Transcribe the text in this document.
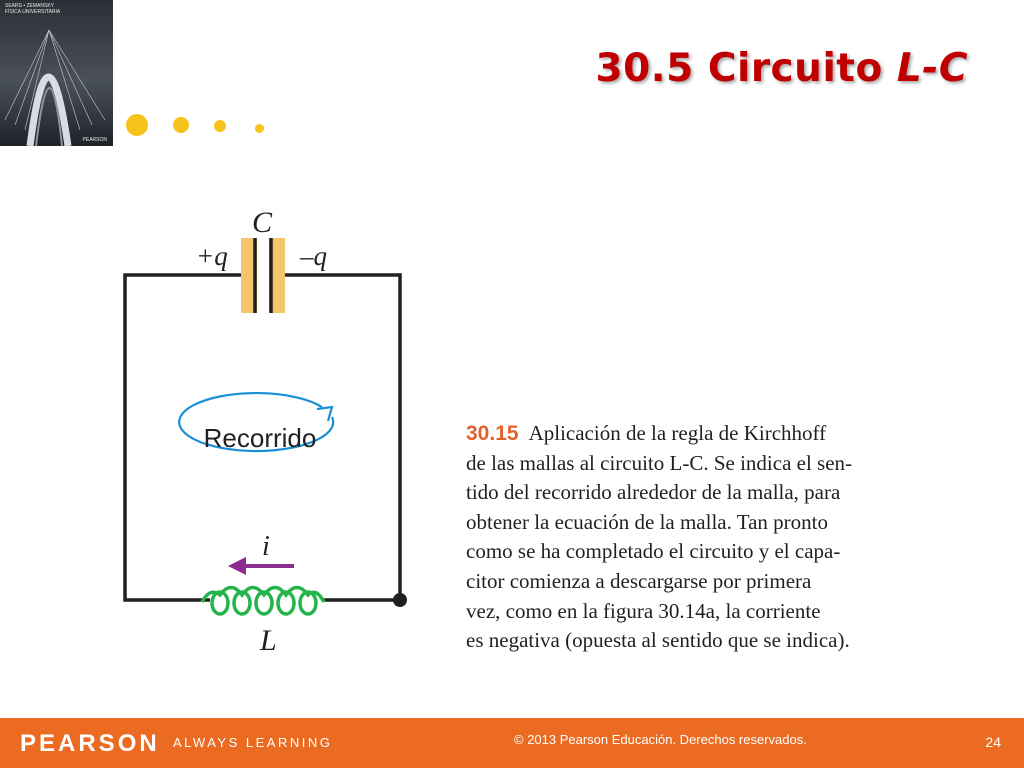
SEARS • ZEMANSKY FÍSICA UNIVERSITARIA
PEARSON
30.5 Circuito L-C
C
+q	–q
Recorrido
i
L
30.15 Aplicación de la regla de Kirchhoff
de las mallas al circuito L-C. Se indica el sen-
tido del recorrido alrededor de la malla, para
obtener la ecuación de la malla. Tan pronto
como se ha completado el circuito y el capa-
citor comienza a descargarse por primera
vez, como en la figura 30.14a, la corriente
es negativa (opuesta al sentido que se indica).
PEARSON ALWAYS LEARNING	© 2013 Pearson Educación. Derechos reservados.	24
